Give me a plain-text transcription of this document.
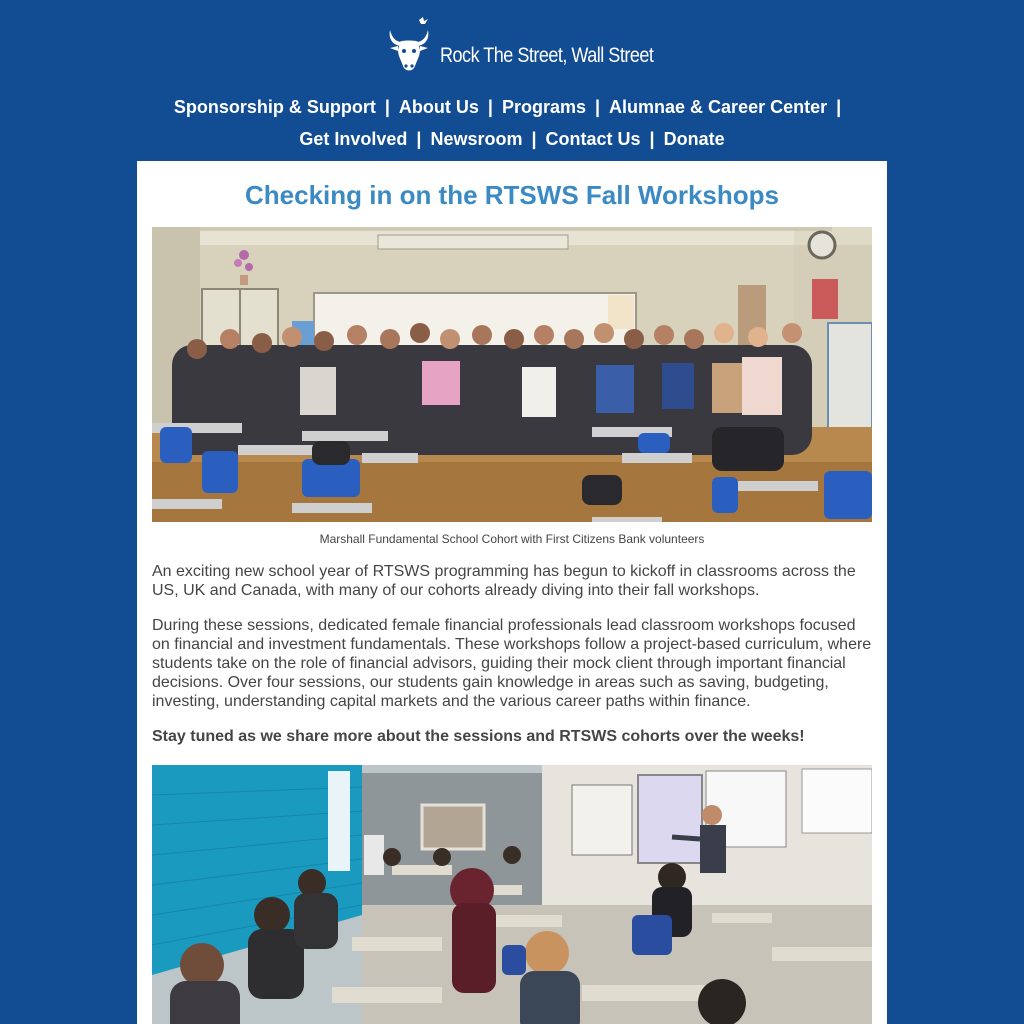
Rock The Street, Wall Street
Sponsorship & Support | About Us | Programs | Alumnae & Career Center |
Get Involved | Newsroom | Contact Us | Donate
Checking in on the RTSWS Fall Workshops
Marshall Fundamental School Cohort with First Citizens Bank volunteers

An exciting new school year of RTSWS programming has begun to kickoff in classrooms across the US, UK and Canada, with many of our cohorts already diving into their fall workshops.

During these sessions, dedicated female financial professionals lead classroom workshops focused on financial and investment fundamentals. These workshops follow a project-based curriculum, where students take on the role of financial advisors, guiding their mock client through important financial decisions. Over four sessions, our students gain knowledge in areas such as saving, budgeting, investing, understanding capital markets and the various career paths within finance.

Stay tuned as we share more about the sessions and RTSWS cohorts over the weeks!
